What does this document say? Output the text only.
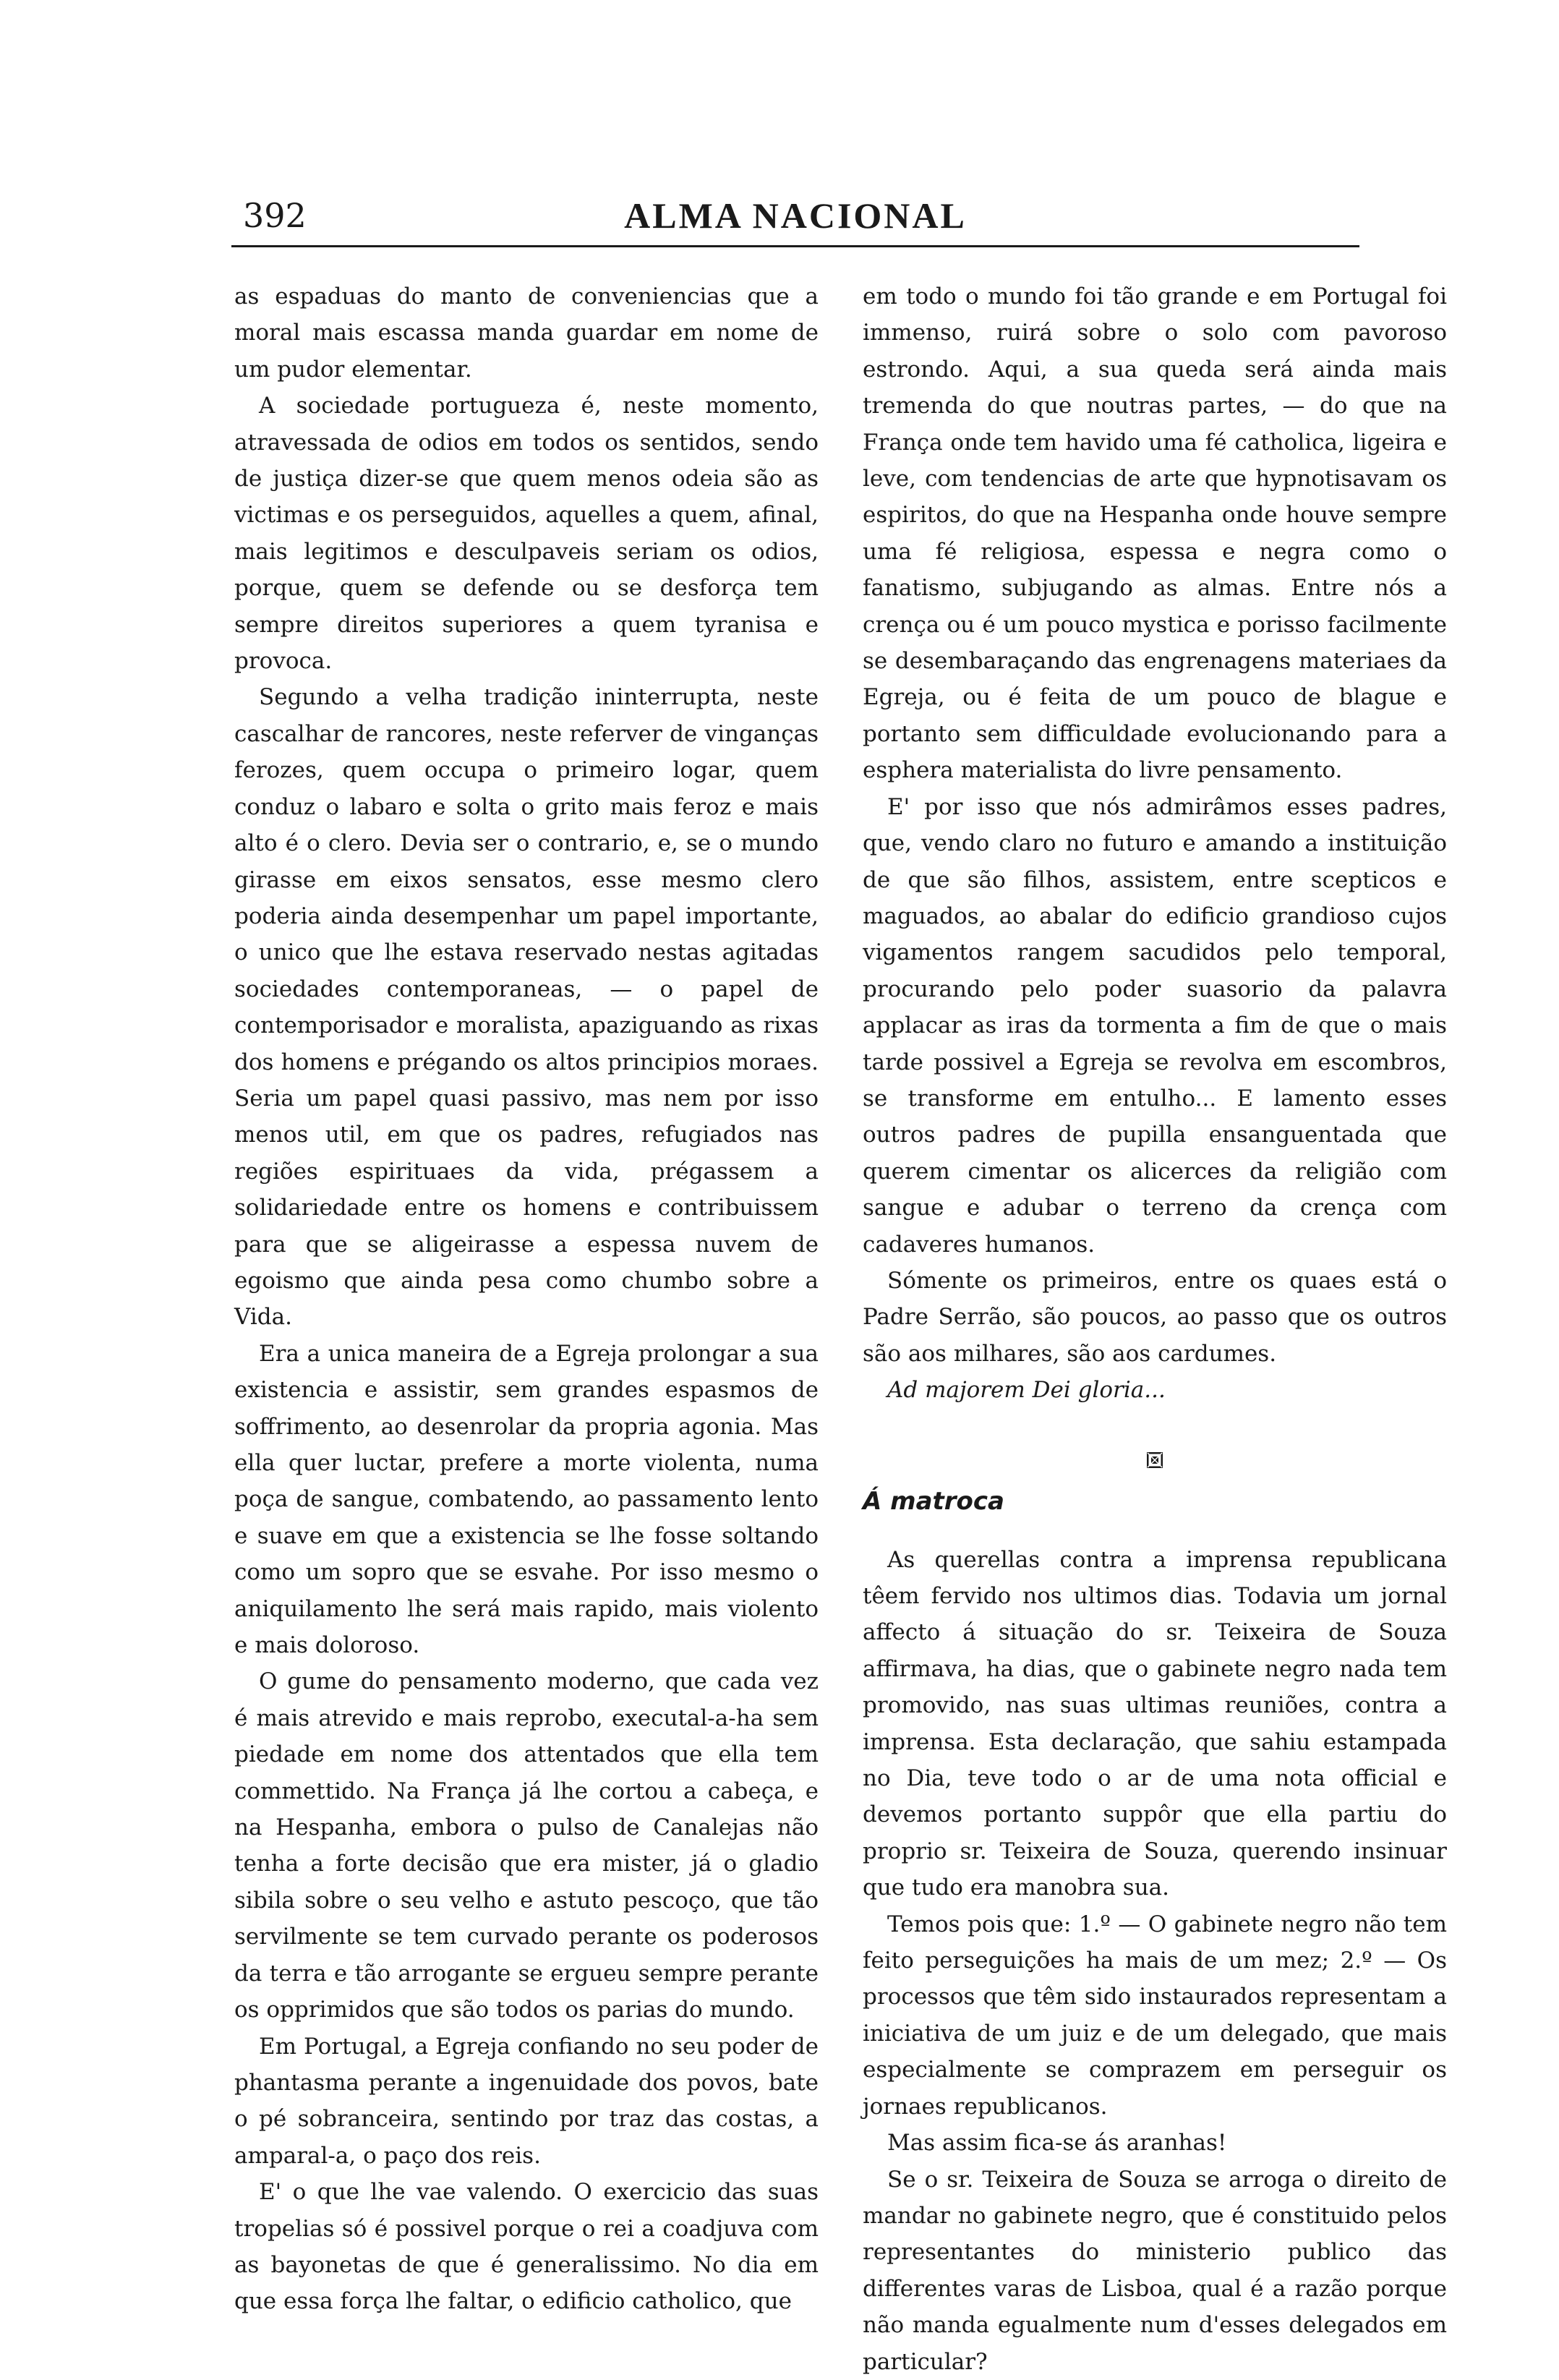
392	ALMA NACIONAL

as espaduas do manto de conveniencias que a moral mais escassa manda guardar em nome de um pudor elementar.

A sociedade portugueza é, neste momento, atravessada de odios em todos os sentidos, sendo de justiça dizer-se que quem menos odeia são as victimas e os perseguidos, aquelles a quem, afinal, mais legitimos e desculpaveis seriam os odios, porque, quem se defende ou se desforça tem sempre direitos superiores a quem tyranisa e provoca.

Segundo a velha tradição ininterrupta, neste cascalhar de rancores, neste referver de vinganças ferozes, quem occupa o primeiro logar, quem conduz o labaro e solta o grito mais feroz e mais alto é o clero. Devia ser o contrario, e, se o mundo girasse em eixos sensatos, esse mesmo clero poderia ainda desempenhar um papel importante, o unico que lhe estava reservado nestas agitadas sociedades contemporaneas, — o papel de contemporisador e moralista, apaziguando as rixas dos homens e prégando os altos principios moraes. Seria um papel quasi passivo, mas nem por isso menos util, em que os padres, refugiados nas regiões espirituaes da vida, prégassem a solidariedade entre os homens e contribuissem para que se aligeirasse a espessa nuvem de egoismo que ainda pesa como chumbo sobre a Vida.

Era a unica maneira de a Egreja prolongar a sua existencia e assistir, sem grandes espasmos de soffrimento, ao desenrolar da propria agonia. Mas ella quer luctar, prefere a morte violenta, numa poça de sangue, combatendo, ao passamento lento e suave em que a existencia se lhe fosse soltando como um sopro que se esvahe. Por isso mesmo o aniquilamento lhe será mais rapido, mais violento e mais doloroso.

O gume do pensamento moderno, que cada vez é mais atrevido e mais reprobo, executal-a-ha sem piedade em nome dos attentados que ella tem commettido. Na França já lhe cortou a cabeça, e na Hespanha, embora o pulso de Canalejas não tenha a forte decisão que era mister, já o gladio sibila sobre o seu velho e astuto pescoço, que tão servilmente se tem curvado perante os poderosos da terra e tão arrogante se ergueu sempre perante os opprimidos que são todos os parias do mundo.

Em Portugal, a Egreja confiando no seu poder de phantasma perante a ingenuidade dos povos, bate o pé sobranceira, sentindo por traz das costas, a amparal-a, o paço dos reis.

E' o que lhe vae valendo. O exercicio das suas tropelias só é possivel porque o rei a coadjuva com as bayonetas de que é generalissimo. No dia em que essa força lhe faltar, o edificio catholico, que

em todo o mundo foi tão grande e em Portugal foi immenso, ruirá sobre o solo com pavoroso estrondo. Aqui, a sua queda será ainda mais tremenda do que noutras partes, — do que na França onde tem havido uma fé catholica, ligeira e leve, com tendencias de arte que hypnotisavam os espiritos, do que na Hespanha onde houve sempre uma fé religiosa, espessa e negra como o fanatismo, subjugando as almas. Entre nós a crença ou é um pouco mystica e porisso facilmente se desembaraçando das engrenagens materiaes da Egreja, ou é feita de um pouco de blague e portanto sem difficuldade evolucionando para a esphera materialista do livre pensamento.

E' por isso que nós admirâmos esses padres, que, vendo claro no futuro e amando a instituição de que são filhos, assistem, entre scepticos e maguados, ao abalar do edificio grandioso cujos vigamentos rangem sacudidos pelo temporal, procurando pelo poder suasorio da palavra applacar as iras da tormenta a fim de que o mais tarde possivel a Egreja se revolva em escombros, se transforme em entulho... E lamento esses outros padres de pupilla ensanguentada que querem cimentar os alicerces da religião com sangue e adubar o terreno da crença com cadaveres humanos.

Sómente os primeiros, entre os quaes está o Padre Serrão, são poucos, ao passo que os outros são aos milhares, são aos cardumes.

Ad majorem Dei gloria...

Á matroca

As querellas contra a imprensa republicana têem fervido nos ultimos dias. Todavia um jornal affecto á situação do sr. Teixeira de Souza affirmava, ha dias, que o gabinete negro nada tem promovido, nas suas ultimas reuniões, contra a imprensa. Esta declaração, que sahiu estampada no Dia, teve todo o ar de uma nota official e devemos portanto suppôr que ella partiu do proprio sr. Teixeira de Souza, querendo insinuar que tudo era manobra sua.

Temos pois que: 1.º — O gabinete negro não tem feito perseguições ha mais de um mez; 2.º — Os processos que têm sido instaurados representam a iniciativa de um juiz e de um delegado, que mais especialmente se comprazem em perseguir os jornaes republicanos.

Mas assim fica-se ás aranhas!

Se o sr. Teixeira de Souza se arroga o direito de mandar no gabinete negro, que é constituido pelos representantes do ministerio publico das differentes varas de Lisboa, qual é a razão porque não manda egualmente num d'esses delegados em particular?
